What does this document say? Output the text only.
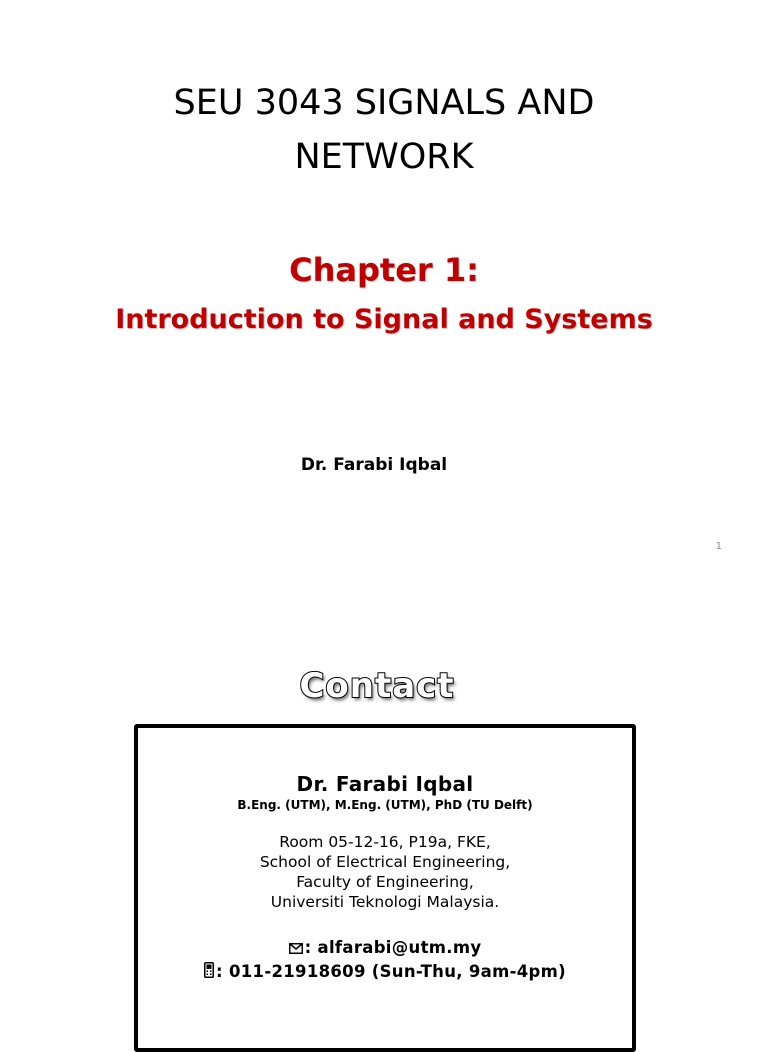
SEU 3043 SIGNALS AND
NETWORK
Chapter 1:
Introduction to Signal and Systems
Dr. Farabi Iqbal
1
Contact
Dr. Farabi Iqbal
B.Eng. (UTM), M.Eng. (UTM), PhD (TU Delft)
Room 05-12-16, P19a, FKE,
School of Electrical Engineering,
Faculty of Engineering,
Universiti Teknologi Malaysia.
: alfarabi@utm.my
: 011-21918609 (Sun-Thu, 9am-4pm)
